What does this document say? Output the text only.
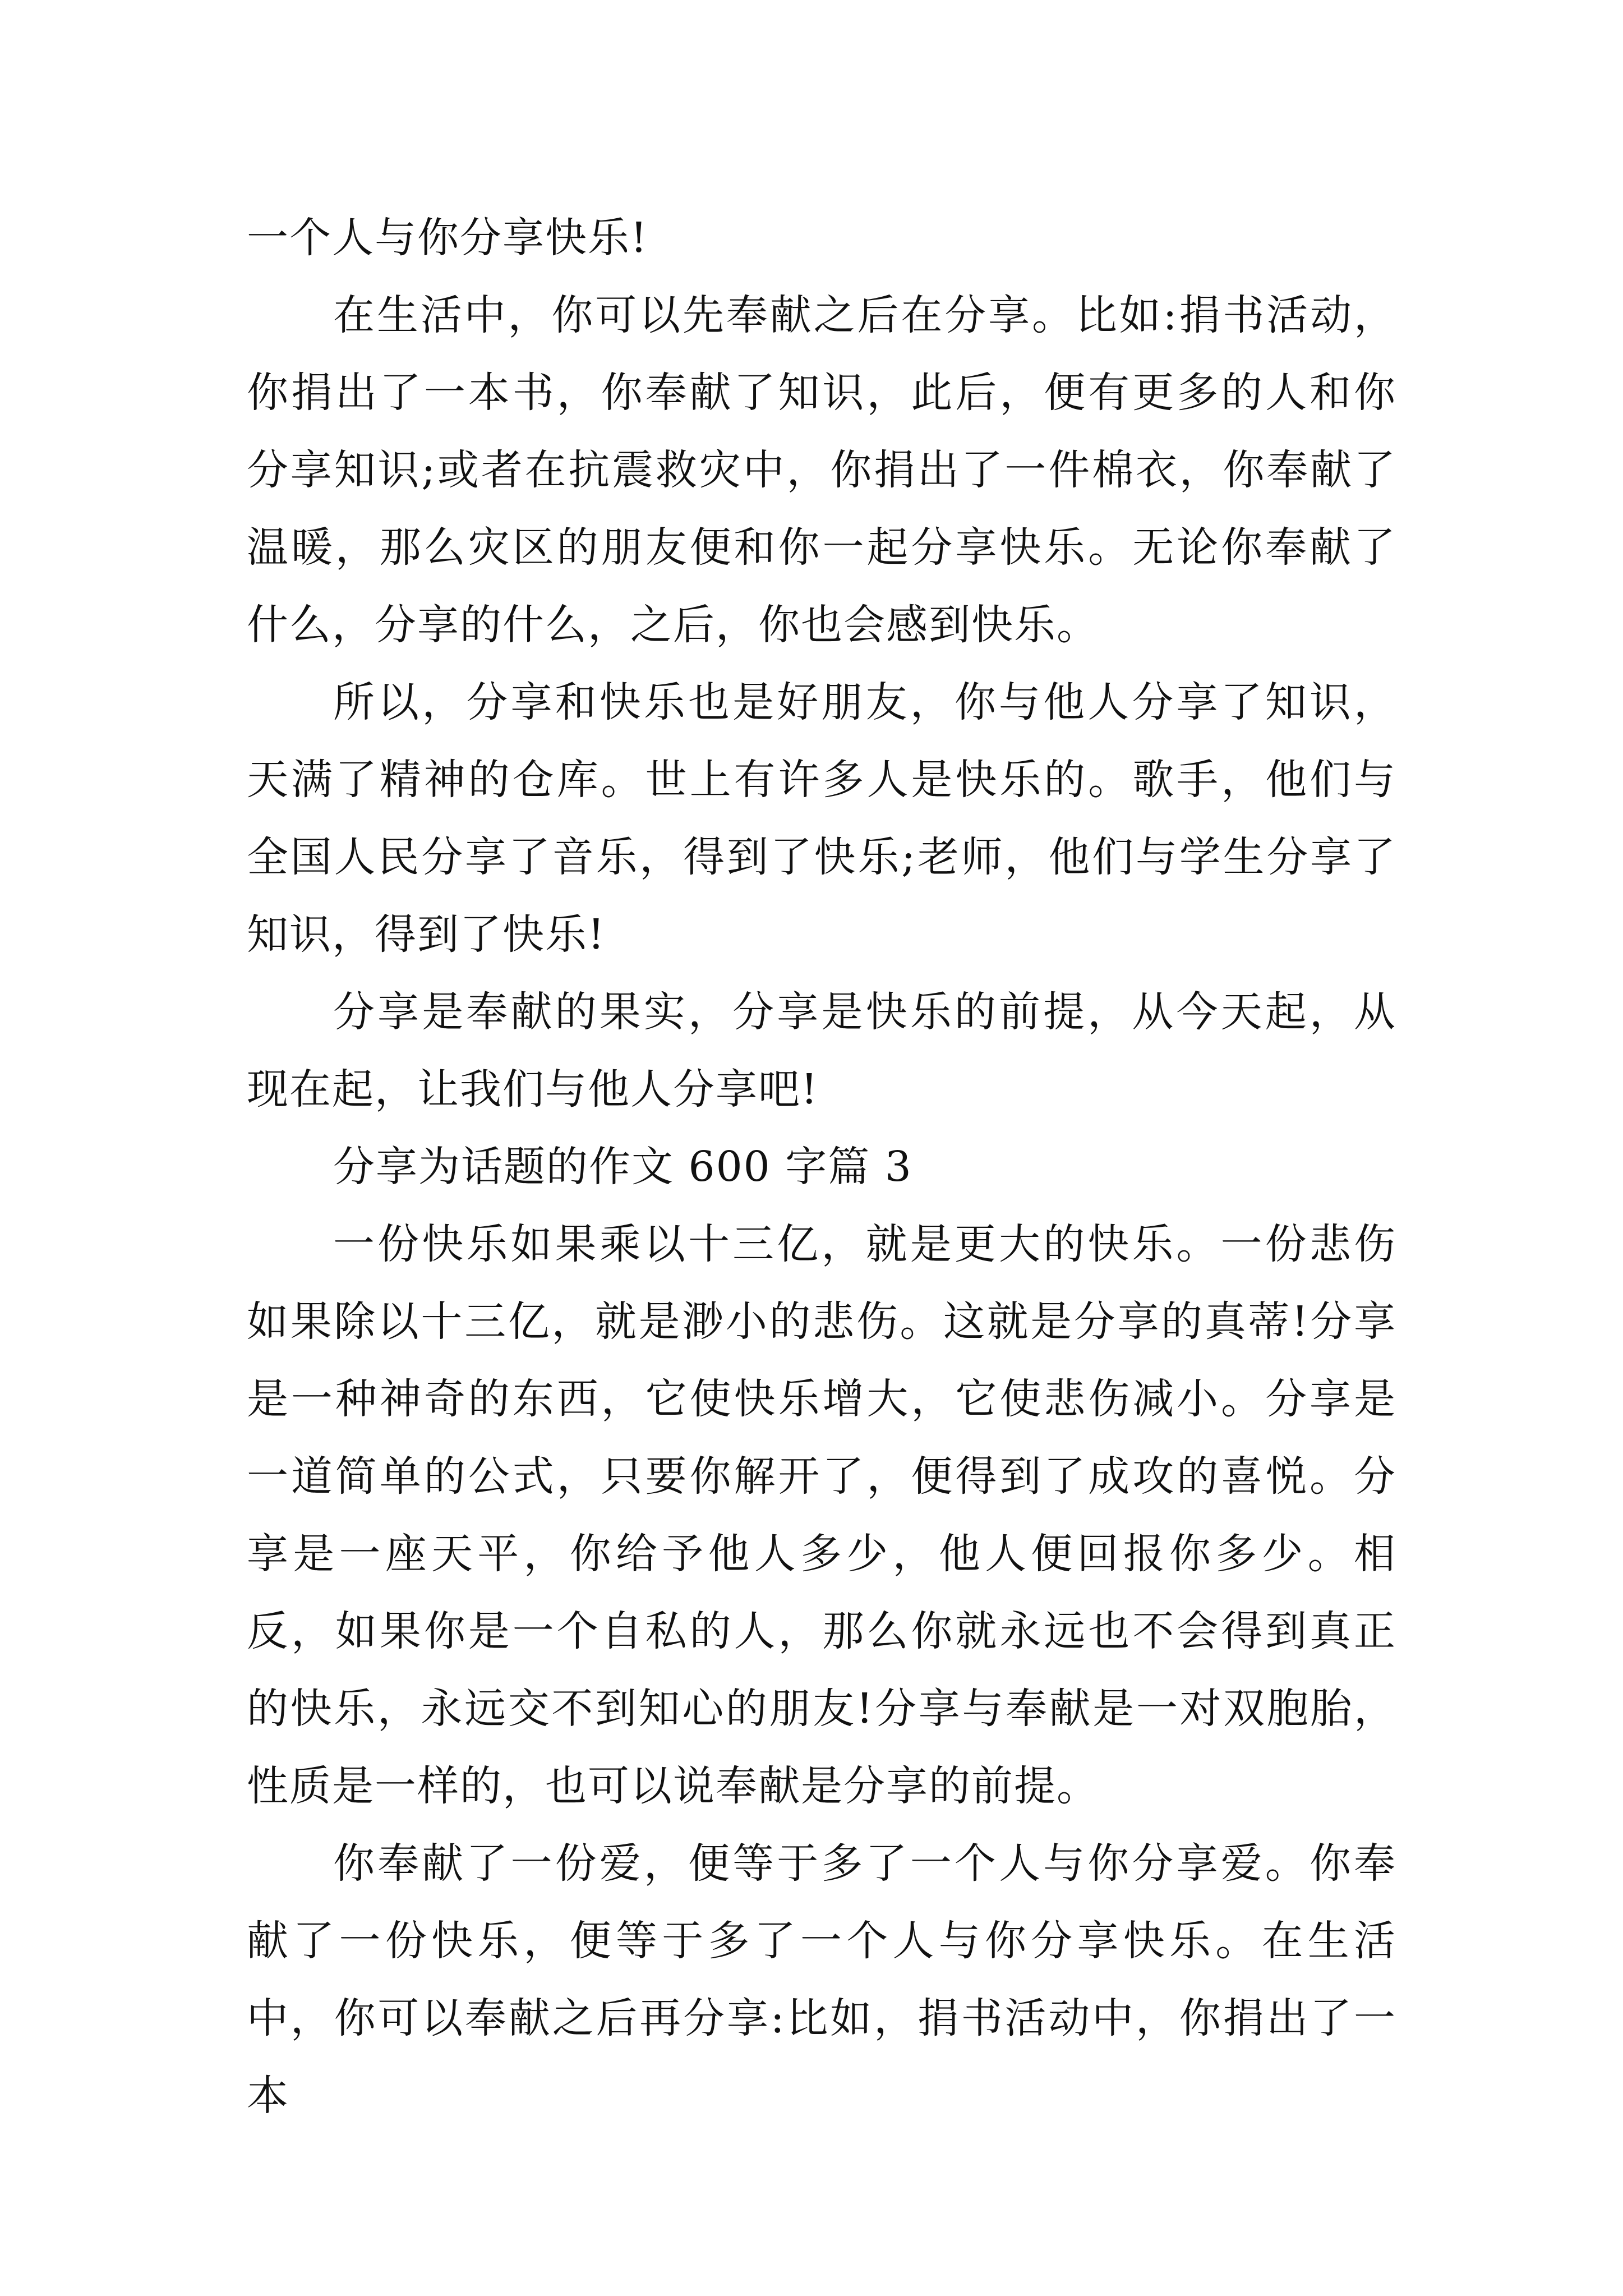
一个人与你分享快乐!

在生活中，你可以先奉献之后在分享。比如:捐书活动，你捐出了一本书，你奉献了知识，此后，便有更多的人和你分享知识;或者在抗震救灾中，你捐出了一件棉衣，你奉献了温暖，那么灾区的朋友便和你一起分享快乐。无论你奉献了什么，分享的什么，之后，你也会感到快乐。

所以，分享和快乐也是好朋友，你与他人分享了知识，天满了精神的仓库。世上有许多人是快乐的。歌手，他们与全国人民分享了音乐，得到了快乐;老师，他们与学生分享了知识，得到了快乐!

分享是奉献的果实，分享是快乐的前提，从今天起，从现在起，让我们与他人分享吧!

分享为话题的作文 600 字篇 3

一份快乐如果乘以十三亿，就是更大的快乐。一份悲伤如果除以十三亿，就是渺小的悲伤。这就是分享的真蒂!分享是一种神奇的东西，它使快乐增大，它使悲伤减小。分享是一道简单的公式，只要你解开了，便得到了成攻的喜悦。分享是一座天平，你给予他人多少，他人便回报你多少。相反，如果你是一个自私的人，那么你就永远也不会得到真正的快乐，永远交不到知心的朋友!分享与奉献是一对双胞胎，性质是一样的，也可以说奉献是分享的前提。

你奉献了一份爱，便等于多了一个人与你分享爱。你奉献了一份快乐，便等于多了一个人与你分享快乐。在生活中，你可以奉献之后再分享:比如，捐书活动中，你捐出了一本
